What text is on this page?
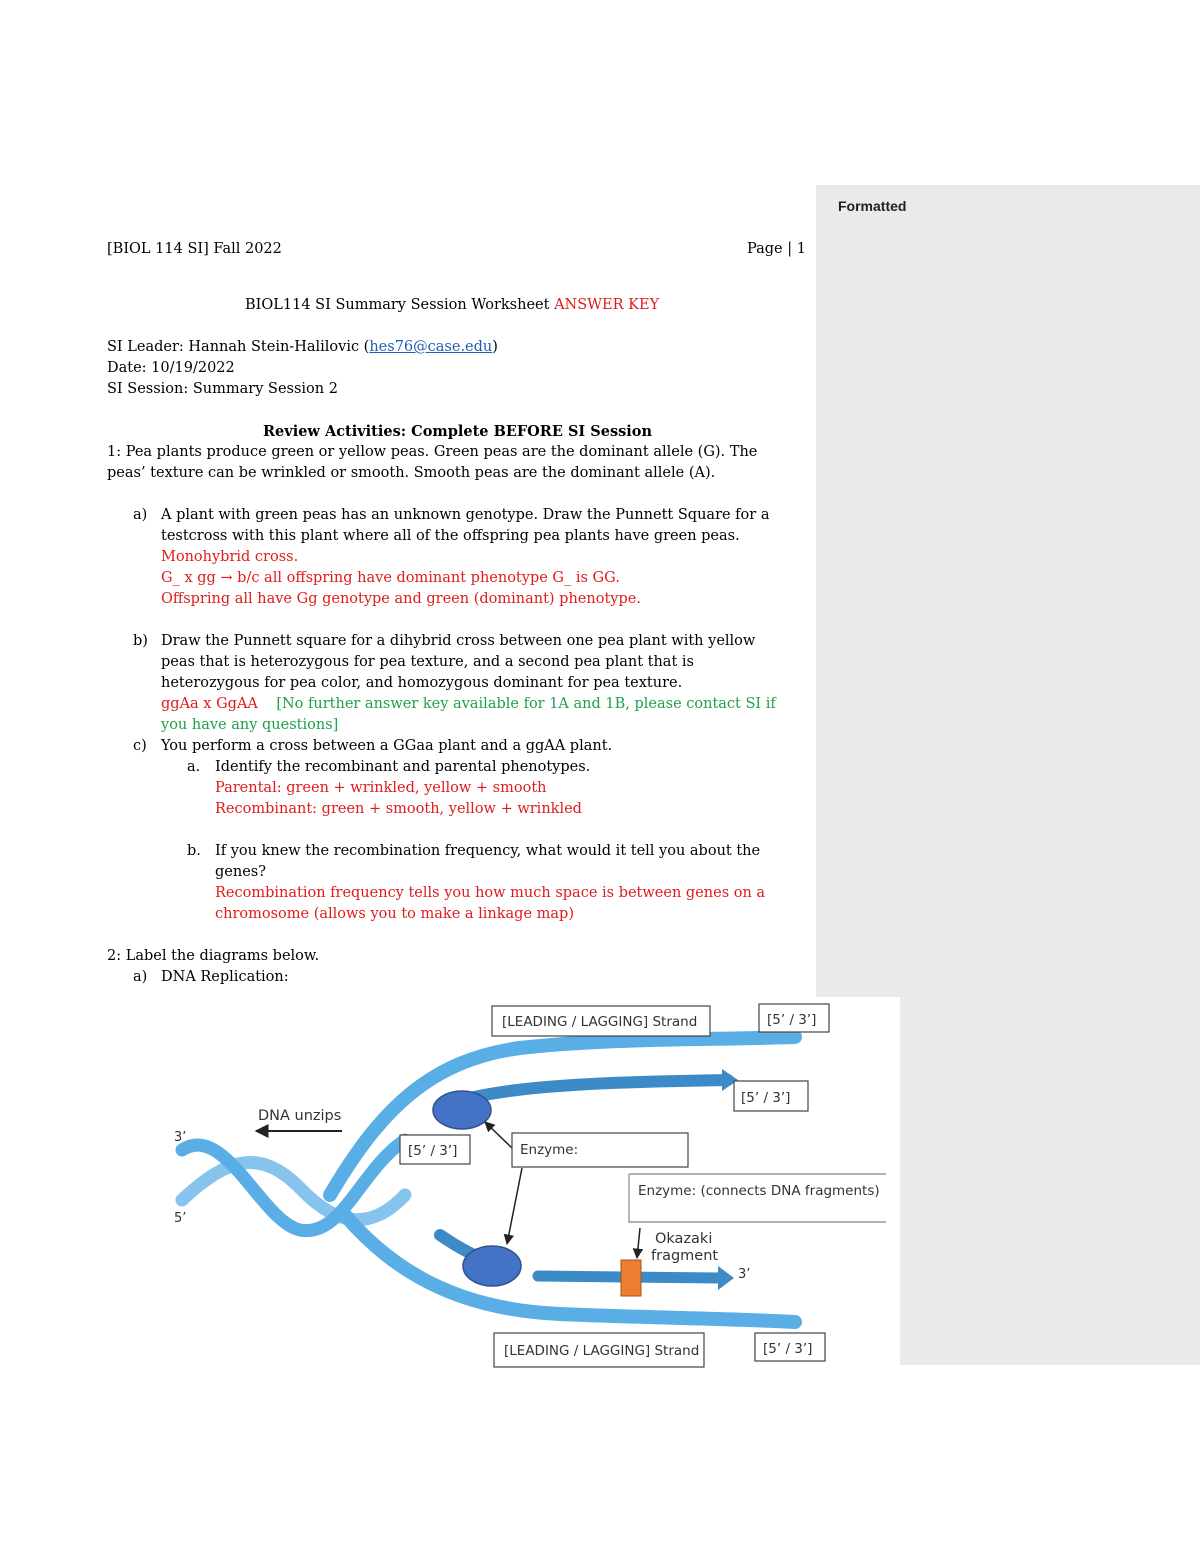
Formatted
[BIOL 114 SI] Fall 2022	Page | 1
BIOL114 SI Summary Session Worksheet ANSWER KEY
SI Leader: Hannah Stein-Halilovic (hes76@case.edu)
Date: 10/19/2022
SI Session: Summary Session 2
Review Activities: Complete BEFORE SI Session
1: Pea plants produce green or yellow peas. Green peas are the dominant allele (G). The
peas’ texture can be wrinkled or smooth. Smooth peas are the dominant allele (A).
a) A plant with green peas has an unknown genotype. Draw the Punnett Square for a
testcross with this plant where all of the offspring pea plants have green peas.
Monohybrid cross.
G_ x gg → b/c all offspring have dominant phenotype G_ is GG.
Offspring all have Gg genotype and green (dominant) phenotype.
b) Draw the Punnett square for a dihybrid cross between one pea plant with yellow
peas that is heterozygous for pea texture, and a second pea plant that is
heterozygous for pea color, and homozygous dominant for pea texture.
ggAa x GgAA [No further answer key available for 1A and 1B, please contact SI if
you have any questions]
c) You perform a cross between a GGaa plant and a ggAA plant.
a. Identify the recombinant and parental phenotypes.
Parental: green + wrinkled, yellow + smooth
Recombinant: green + smooth, yellow + wrinkled
b. If you knew the recombination frequency, what would it tell you about the
genes?
Recombination frequency tells you how much space is between genes on a
chromosome (allows you to make a linkage map)
2: Label the diagrams below.
a) DNA Replication:
[LEADING / LAGGING] Strand	[5’ / 3’]
[5’ / 3’]
[5’ / 3’]	Enzyme:
Enzyme: (connects DNA fragments)
[LEADING / LAGGING] Strand	[5’ / 3’]
DNA unzips
3’
5’
3’
Okazaki
fragment
